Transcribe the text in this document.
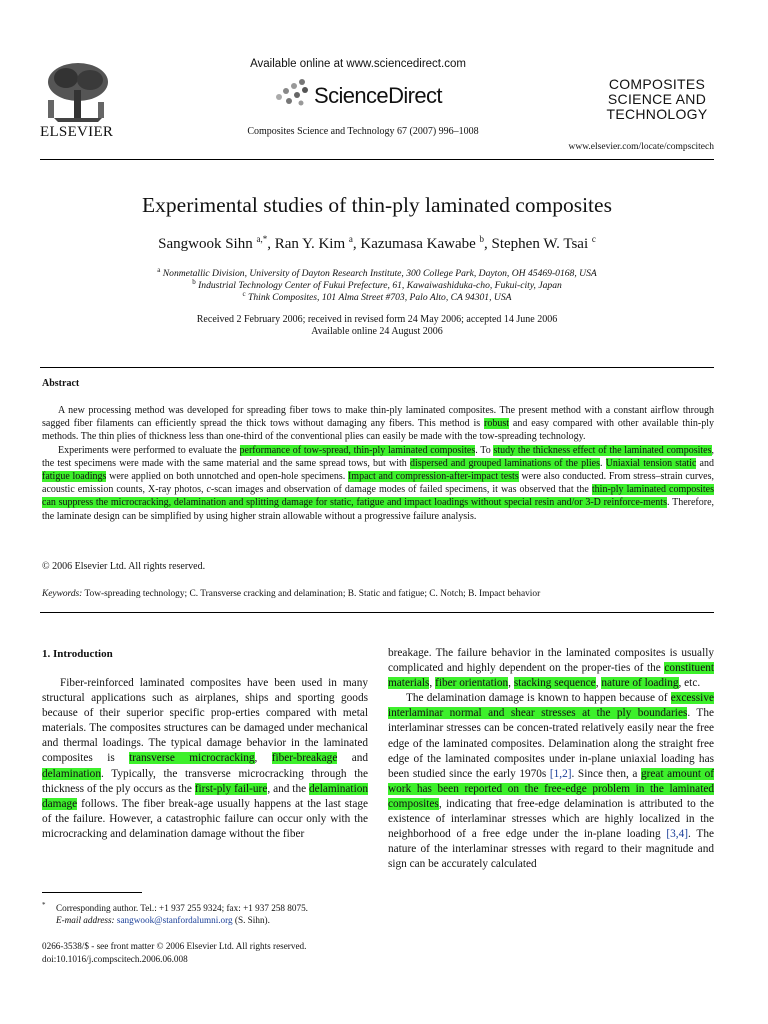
ELSEVIER
Available online at www.sciencedirect.com
ScienceDirect
Composites Science and Technology 67 (2007) 996–1008
COMPOSITES
SCIENCE AND
TECHNOLOGY
www.elsevier.com/locate/compscitech
Experimental studies of thin-ply laminated composites
Sangwook Sihn $^{a,*}$, Ran Y. Kim $^a$, Kazumasa Kawabe $^b$, Stephen W. Tsai $^c$
$^a$ Nonmetallic Division, University of Dayton Research Institute, 300 College Park, Dayton, OH 45469-0168, USA
$^b$ Industrial Technology Center of Fukui Prefecture, 61, Kawaiwashiduka-cho, Fukui-city, Japan
$^c$ Think Composites, 101 Alma Street #703, Palo Alto, CA 94301, USA
Received 2 February 2006; received in revised form 24 May 2006; accepted 14 June 2006
Available online 24 August 2006
Abstract

A new processing method was developed for spreading fiber tows to make thin-ply laminated composites. The present method with a constant airflow through sagged fiber filaments can efficiently spread the thick tows without damaging any fibers. This method is robust and easy compared with other available thin-ply methods. The thin plies of thickness less than one-third of the conventional plies can easily be made with the tow-spreading technology.

Experiments were performed to evaluate the performance of tow-spread, thin-ply laminated composites. To study the thickness effect of the laminated composites, the test specimens were made with the same material and the same spread tows, but with dispersed and grouped laminations of the plies. Uniaxial tension static and fatigue loadings were applied on both unnotched and open-hole specimens. Impact and compression-after-impact tests were also conducted. From stress–strain curves, acoustic emission counts, X-ray photos, c-scan images and observation of damage modes of failed specimens, it was observed that the thin-ply laminated composites can suppress the microcracking, delamination and splitting damage for static, fatigue and impact loadings without special resin and/or 3-D reinforce-ments. Therefore, the laminate design can be simplified by using higher strain allowable without a progressive failure analysis.

© 2006 Elsevier Ltd. All rights reserved.
Keywords: Tow-spreading technology; C. Transverse cracking and delamination; B. Static and fatigue; C. Notch; B. Impact behavior
1. Introduction

Fiber-reinforced laminated composites have been used in many structural applications such as airplanes, ships and sporting goods because of their superior specific prop-erties compared with metal materials. The composites structures can be damaged under mechanical and thermal loadings. The typical damage behavior in the laminated composites is transverse microcracking, fiber-breakage and delamination. Typically, the transverse microcracking through the thickness of the ply occurs as the first-ply fail-ure, and the delamination damage follows. The fiber break-age usually happens at the last stage of the failure. However, a catastrophic failure can occur only with the microcracking and delamination damage without the fiber

breakage. The failure behavior in the laminated composites is usually complicated and highly dependent on the proper-ties of the constituent materials, fiber orientation, stacking sequence, nature of loading, etc.

The delamination damage is known to happen because of excessive interlaminar normal and shear stresses at the ply boundaries. The interlaminar stresses can be concen-trated relatively easily near the free edge of the laminated composites. Delamination along the straight free edge of the laminated composites under in-plane uniaxial loading has been studied since the early 1970s [1,2]. Since then, a great amount of work has been reported on the free-edge problem in the laminated composites, indicating that free-edge delamination is attributed to the existence of interlaminar stresses which are highly localized in the neighborhood of a free edge under the in-plane loading [3,4]. The nature of the interlaminar stresses with regard to their magnitude and sign can be accurately calculated

* Corresponding author. Tel.: +1 937 255 9324; fax: +1 937 258 8075.
E-mail address: sangwook@stanfordalumni.org (S. Sihn).
0266-3538/$ - see front matter © 2006 Elsevier Ltd. All rights reserved.
doi:10.1016/j.compscitech.2006.06.008
